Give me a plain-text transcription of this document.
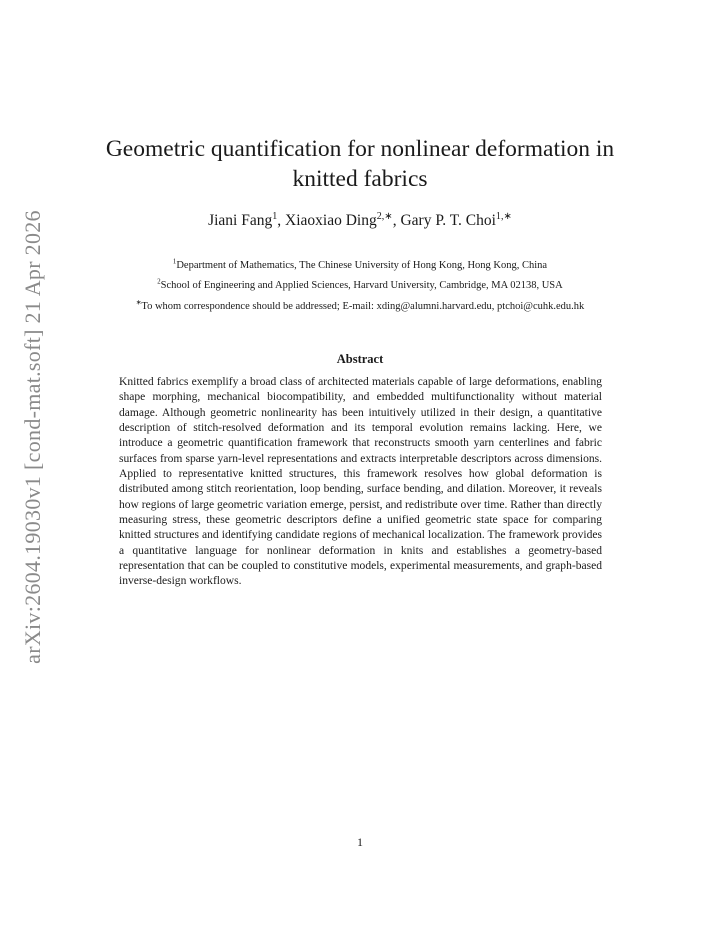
arXiv:2604.19030v1 [cond-mat.soft] 21 Apr 2026
Geometric quantification for nonlinear deformation in knitted fabrics
Jiani Fang$^1$, Xiaoxiao Ding$^{2,∗}$, Gary P. T. Choi$^{1,∗}$
$^1$Department of Mathematics, The Chinese University of Hong Kong, Hong Kong, China
$^2$School of Engineering and Applied Sciences, Harvard University, Cambridge, MA 02138, USA
∗To whom correspondence should be addressed; E-mail: xding@alumni.harvard.edu, ptchoi@cuhk.edu.hk
Abstract
Knitted fabrics exemplify a broad class of architected materials capable of large deformations, enabling shape morphing, mechanical biocompatibility, and embedded multifunctionality without material damage. Although geometric nonlinearity has been intuitively utilized in their design, a quantitative description of stitch-resolved deformation and its temporal evolution remains lacking. Here, we introduce a geometric quantification framework that reconstructs smooth yarn centerlines and fabric surfaces from sparse yarn-level representations and extracts interpretable descriptors across dimensions. Applied to representative knitted structures, this framework resolves how global deformation is distributed among stitch reorientation, loop bending, surface bending, and dilation. Moreover, it reveals how regions of large geometric variation emerge, persist, and redistribute over time. Rather than directly measuring stress, these geometric descriptors define a unified geometric state space for comparing knitted structures and identifying candidate regions of mechanical localization. The framework provides a quantitative language for nonlinear deformation in knits and establishes a geometry-based representation that can be coupled to constitutive models, experimental measurements, and graph-based inverse-design workflows.
1
